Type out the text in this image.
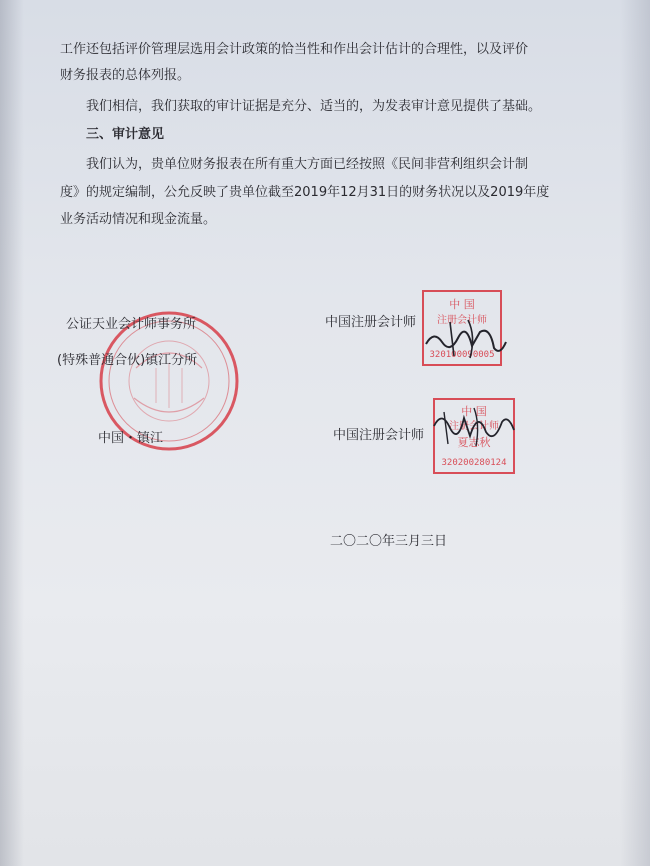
工作还包括评价管理层选用会计政策的恰当性和作出会计估计的合理性，以及评价
财务报表的总体列报。
我们相信，我们获取的审计证据是充分、适当的，为发表审计意见提供了基础。
三、审计意见
我们认为，贵单位财务报表在所有重大方面已经按照《民间非营利组织会计制
度》的规定编制，公允反映了贵单位截至2019年12月31日的财务状况以及2019年度
业务活动情况和现金流量。
公证天业会计师事务所
(特殊普通合伙)镇江分所
中国・镇江
中国注册会计师
中 国
注册会计师
320100090005
中国注册会计师
中 国
注册会计师
夏志秋
320200280124
二〇二〇年三月三日
